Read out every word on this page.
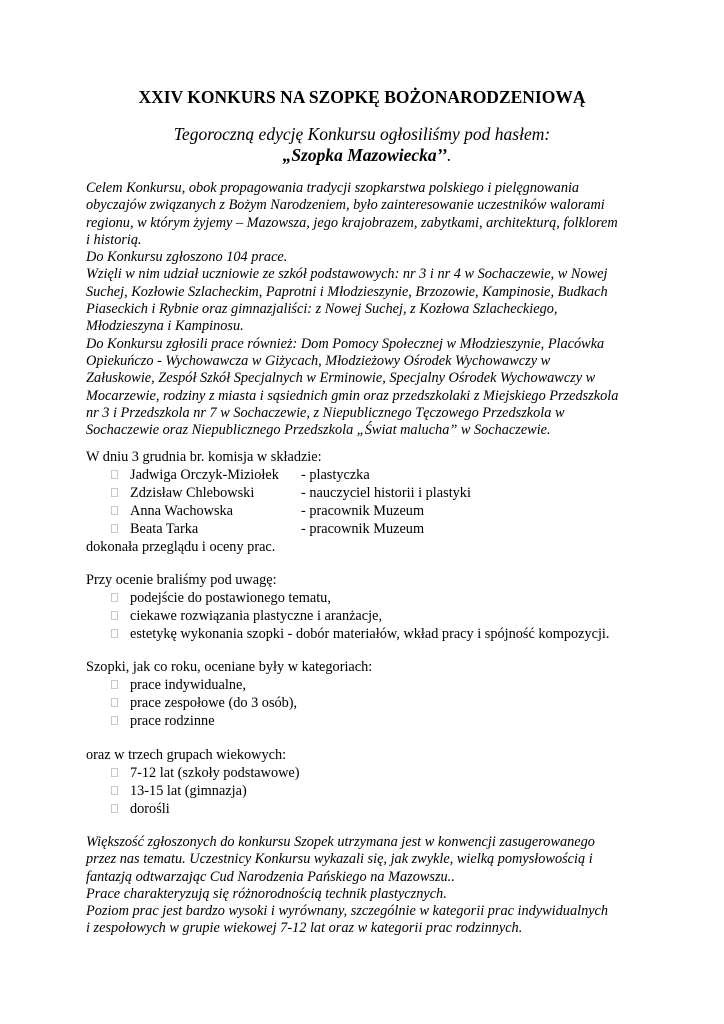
XXIV KONKURS NA SZOPKĘ BOŻONARODZENIOWĄ
Tegoroczną edycję Konkursu ogłosiliśmy pod hasłem:
„Szopka Mazowiecka’’.
Celem Konkursu, obok propagowania tradycji szopkarstwa polskiego i pielęgnowania
obyczajów związanych z Bożym Narodzeniem, było zainteresowanie uczestników walorami
regionu, w którym żyjemy – Mazowsza, jego krajobrazem, zabytkami, architekturą, folklorem
i historią.
Do Konkursu zgłoszono 104 prace.
Wzięli w nim udział uczniowie ze szkół podstawowych: nr 3 i nr 4 w Sochaczewie, w Nowej
Suchej, Kozłowie Szlacheckim, Paprotni i Młodzieszynie, Brzozowie, Kampinosie, Budkach
Piaseckich i Rybnie oraz gimnazjaliści: z Nowej Suchej, z Kozłowa Szlacheckiego,
Młodzieszyna i Kampinosu.
Do Konkursu zgłosili prace również: Dom Pomocy Społecznej w Młodzieszynie, Placówka
Opiekuńczo - Wychowawcza w Giżycach, Młodzieżowy Ośrodek Wychowawczy w
Załuskowie, Zespół Szkół Specjalnych w Erminowie, Specjalny Ośrodek Wychowawczy w
Mocarzewie, rodziny z miasta i sąsiednich gmin oraz przedszkolaki z Miejskiego Przedszkola
nr 3 i Przedszkola nr 7 w Sochaczewie, z Niepublicznego Tęczowego Przedszkola w
Sochaczewie oraz Niepublicznego Przedszkola „Świat malucha” w Sochaczewie.
W dniu 3 grudnia br. komisja w składzie:
Jadwiga Orczyk-Miziołek - plastyczka
Zdzisław Chlebowski	- nauczyciel historii i plastyki
Anna Wachowska	- pracownik Muzeum
Beata Tarka	- pracownik Muzeum
dokonała przeglądu i oceny prac.
Przy ocenie braliśmy pod uwagę:
podejście do postawionego tematu,
ciekawe rozwiązania plastyczne i aranżacje,
estetykę wykonania szopki - dobór materiałów, wkład pracy i spójność kompozycji.
Szopki, jak co roku, oceniane były w kategoriach:
prace indywidualne,
prace zespołowe (do 3 osób),
prace rodzinne
oraz w trzech grupach wiekowych:
7-12 lat (szkoły podstawowe)
13-15 lat (gimnazja)
dorośli
Większość zgłoszonych do konkursu Szopek utrzymana jest w konwencji zasugerowanego
przez nas tematu. Uczestnicy Konkursu wykazali się, jak zwykle, wielką pomysłowością i
fantazją odtwarzając Cud Narodzenia Pańskiego na Mazowszu..
Prace charakteryzują się różnorodnością technik plastycznych.
Poziom prac jest bardzo wysoki i wyrównany, szczególnie w kategorii prac indywidualnych
i zespołowych w grupie wiekowej 7-12 lat oraz w kategorii prac rodzinnych.
